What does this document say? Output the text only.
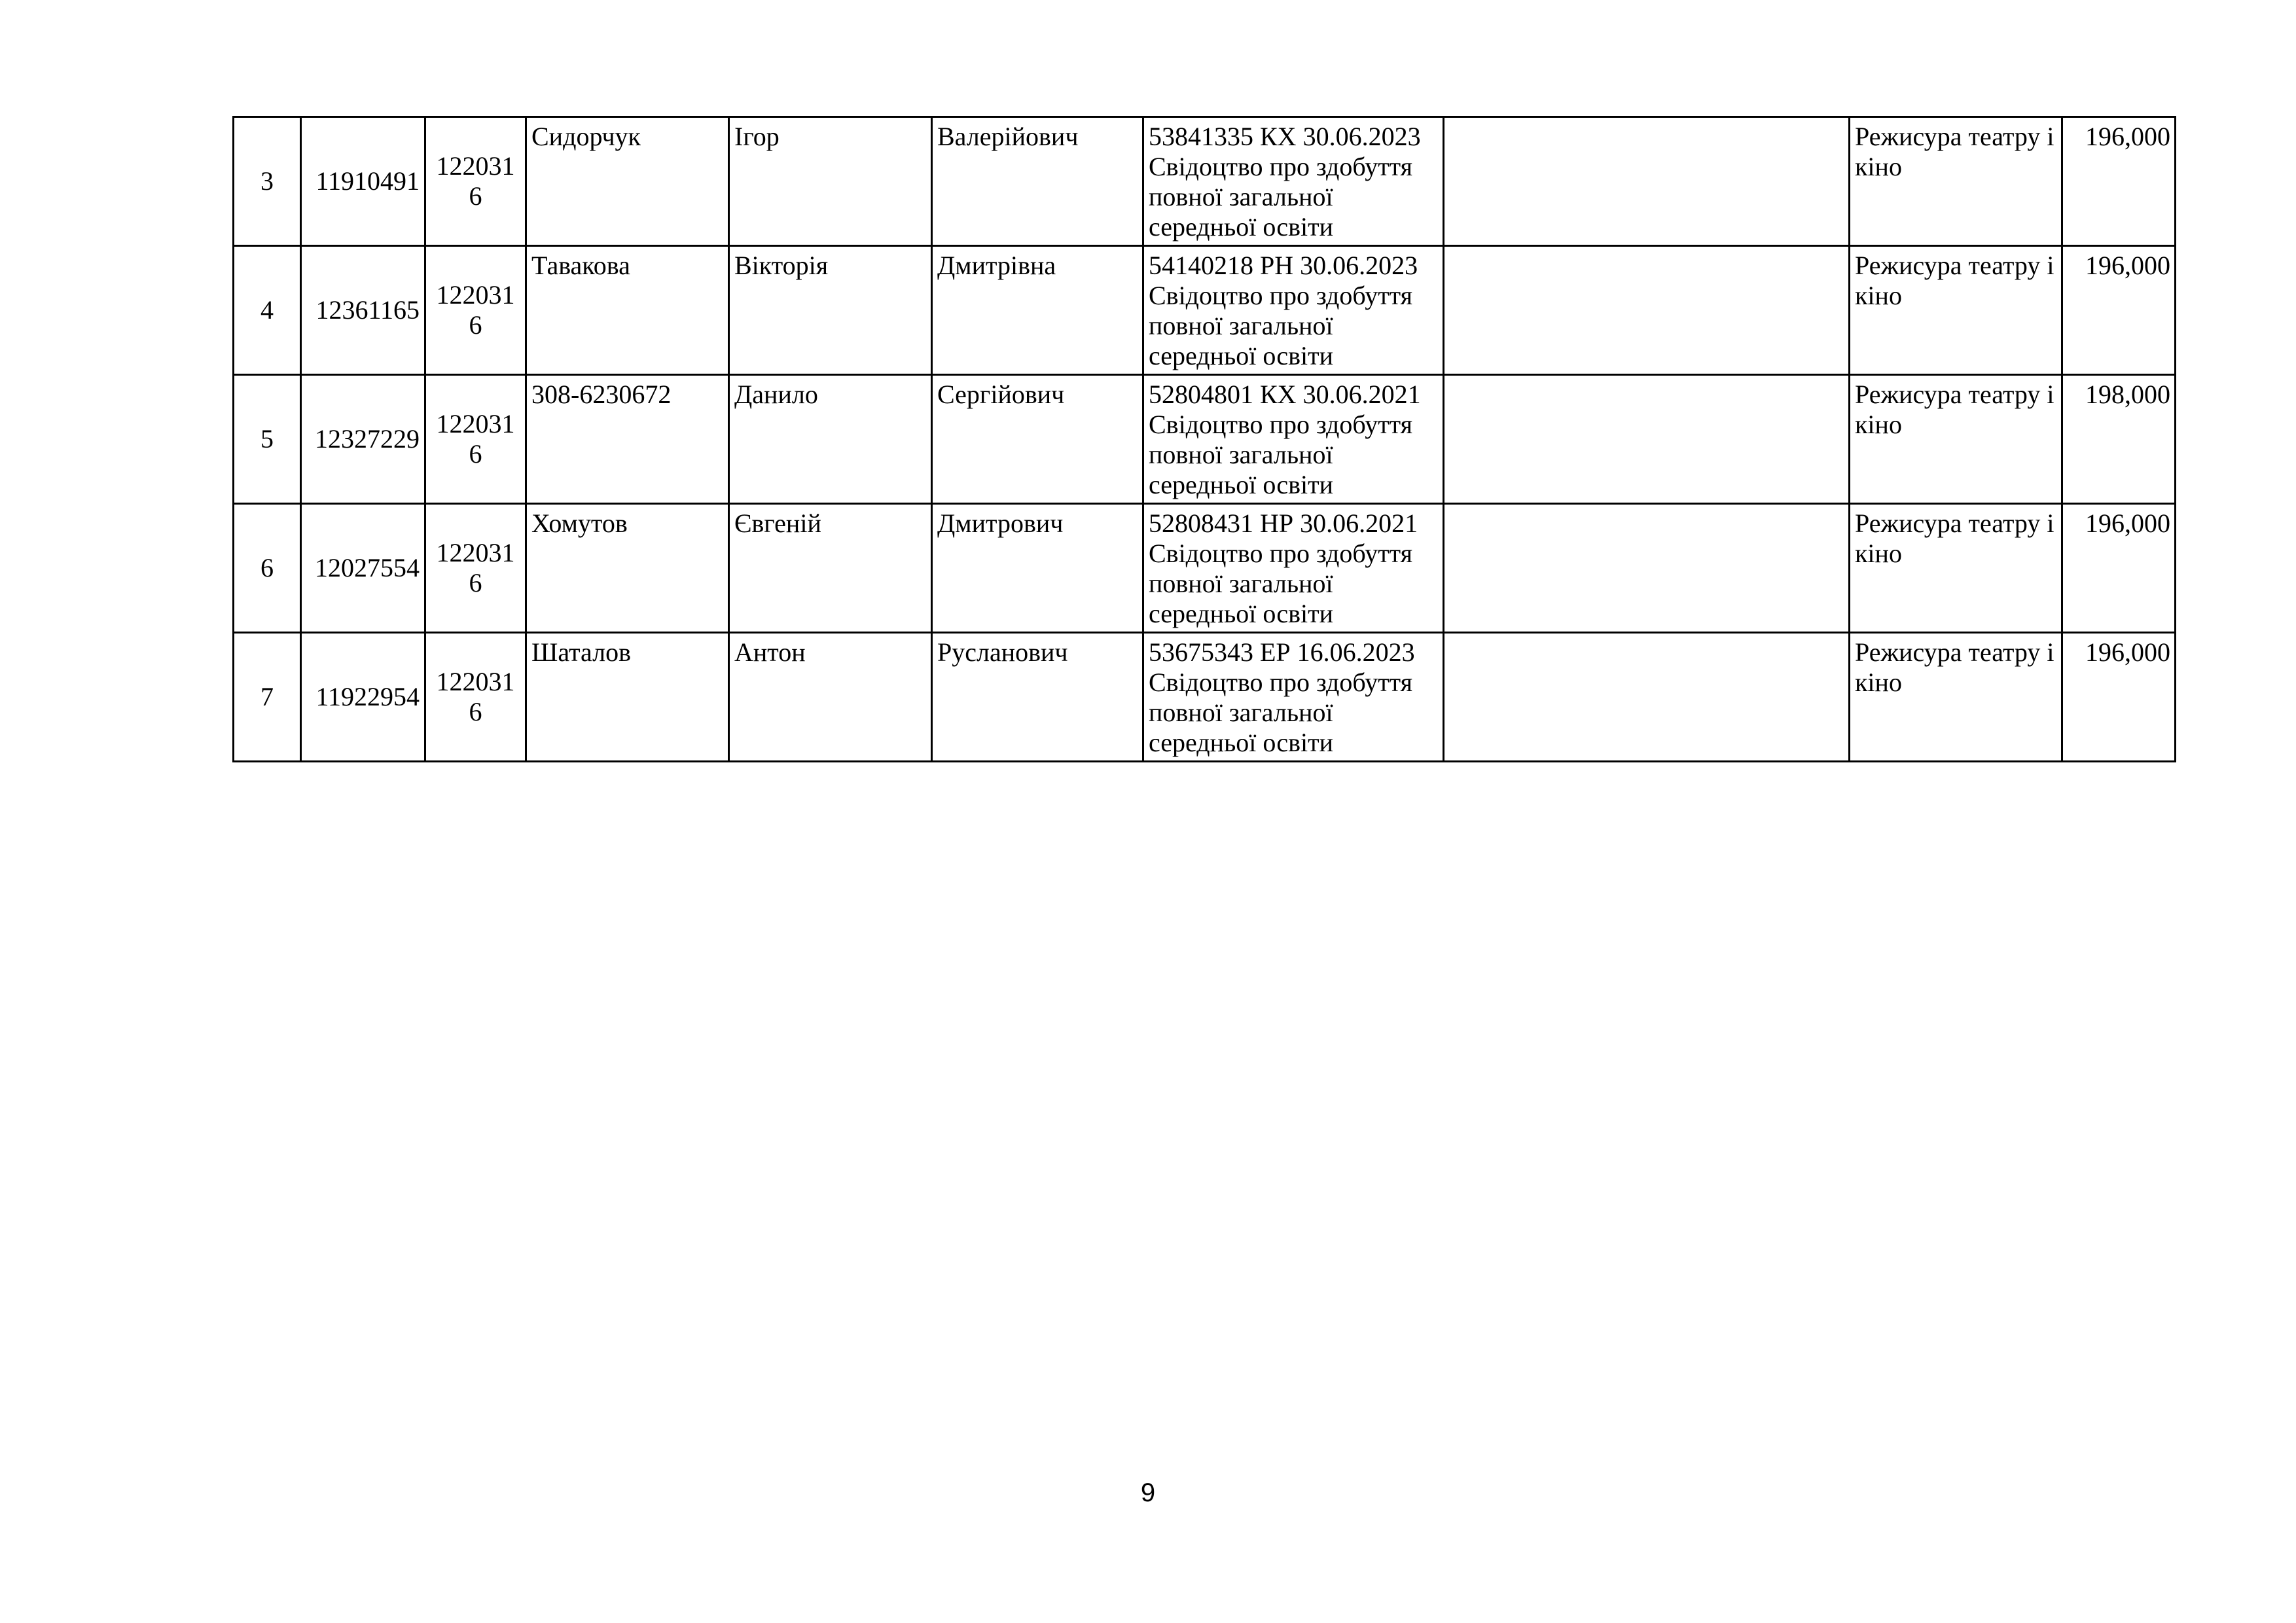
3	11910491	1220316	Сидорчук	Ігор	Валерійович	53841335 КХ 30.06.2023
Свідоцтво про здобуття
повної загальної
середньої освіти		Режисура театру і кіно	196,000
4	12361165	1220316	Тавакова	Вікторія	Дмитрівна	54140218 РН 30.06.2023
Свідоцтво про здобуття
повної загальної
середньої освіти		Режисура театру і кіно	196,000
5	12327229	1220316	308-6230672	Данило	Сергійович	52804801 КХ 30.06.2021
Свідоцтво про здобуття
повної загальної
середньої освіти		Режисура театру і кіно	198,000
6	12027554	1220316	Хомутов	Євгеній	Дмитрович	52808431 НР 30.06.2021
Свідоцтво про здобуття
повної загальної
середньої освіти		Режисура театру і кіно	196,000
7	11922954	1220316	Шаталов	Антон	Русланович	53675343 ЕР 16.06.2023
Свідоцтво про здобуття
повної загальної
середньої освіти		Режисура театру і кіно	196,000
9
